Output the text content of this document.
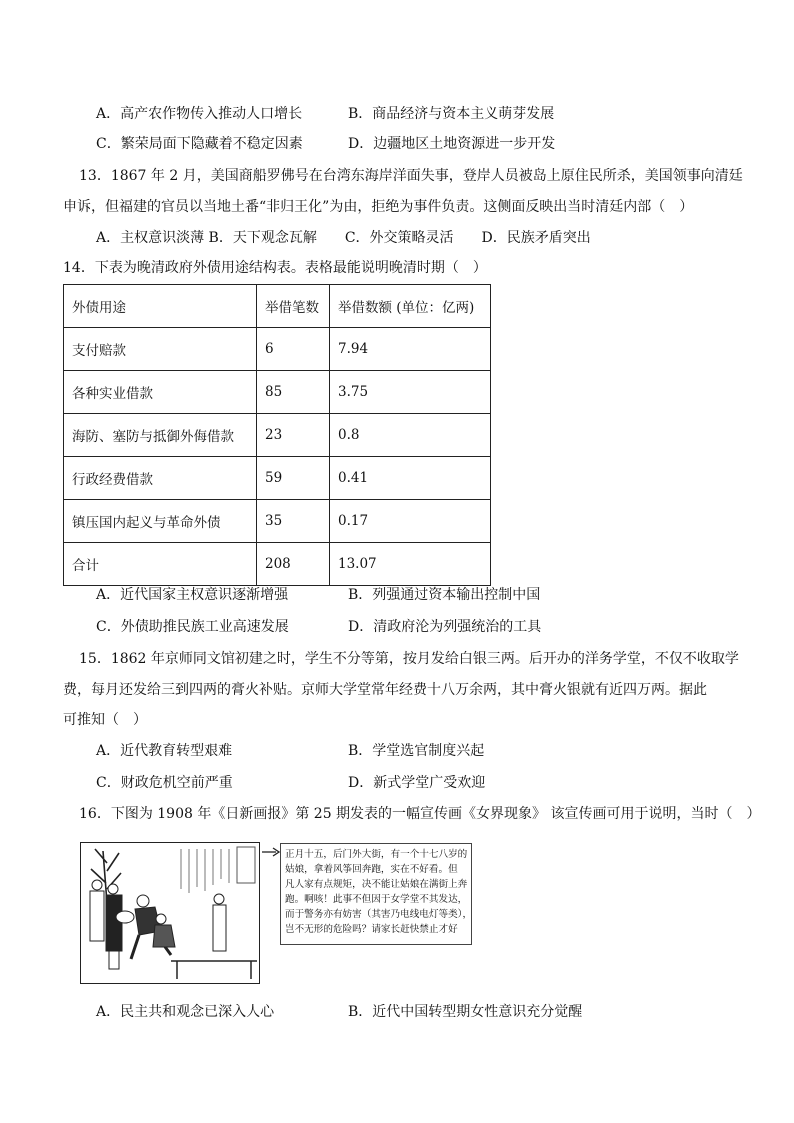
A．高产农作物传入推动人口增长	B．商品经济与资本主义萌芽发展
C．繁荣局面下隐藏着不稳定因素	D．边疆地区土地资源进一步开发
13．1867 年 2 月，美国商船罗佛号在台湾东海岸洋面失事，登岸人员被岛上原住民所杀，美国领事向清廷
申诉，但福建的官员以当地土番“非归王化”为由，拒绝为事件负责。这侧面反映出当时清廷内部（　）
A．主权意识淡薄 B．天下观念瓦解　　C．外交策略灵活　　D．民族矛盾突出
14．下表为晚清政府外债用途结构表。表格最能说明晚清时期（　）
外债用途	举借笔数	举借数额 (单位：亿两)
支付赔款	6	7.94
各种实业借款	85	3.75
海防、塞防与抵御外侮借款	23	0.8
行政经费借款	59	0.41
镇压国内起义与革命外债	35	0.17
合计	208	13.07
A．近代国家主权意识逐渐增强	B．列强通过资本输出控制中国
C．外债助推民族工业高速发展	D．清政府沦为列强统治的工具
15．1862 年京师同文馆初建之时，学生不分等第，按月发给白银三两。后开办的洋务学堂，不仅不收取学
费，每月还发给三到四两的膏火补贴。京师大学堂常年经费十八万余两，其中膏火银就有近四万两。据此
可推知（　）
A．近代教育转型艰难	B．学堂选官制度兴起
C．财政危机空前严重	D．新式学堂广受欢迎
16．下图为 1908 年《日新画报》第 25 期发表的一幅宣传画《女界现象》 该宣传画可用于说明，当时（　）
正月十五，后门外大街，有一个十七八岁的
姑娘，拿着风筝回奔跑，实在不好看。但
凡人家有点规矩，决不能让姑娘在满街上奔
跑。啊咳！此事不但因于女学堂不其发达，
而于警务亦有妨害（其害乃电线电灯等类），
岂不无形的危险吗？请家长赶快禁止才好
A．民主共和观念已深入人心	B．近代中国转型期女性意识充分觉醒
